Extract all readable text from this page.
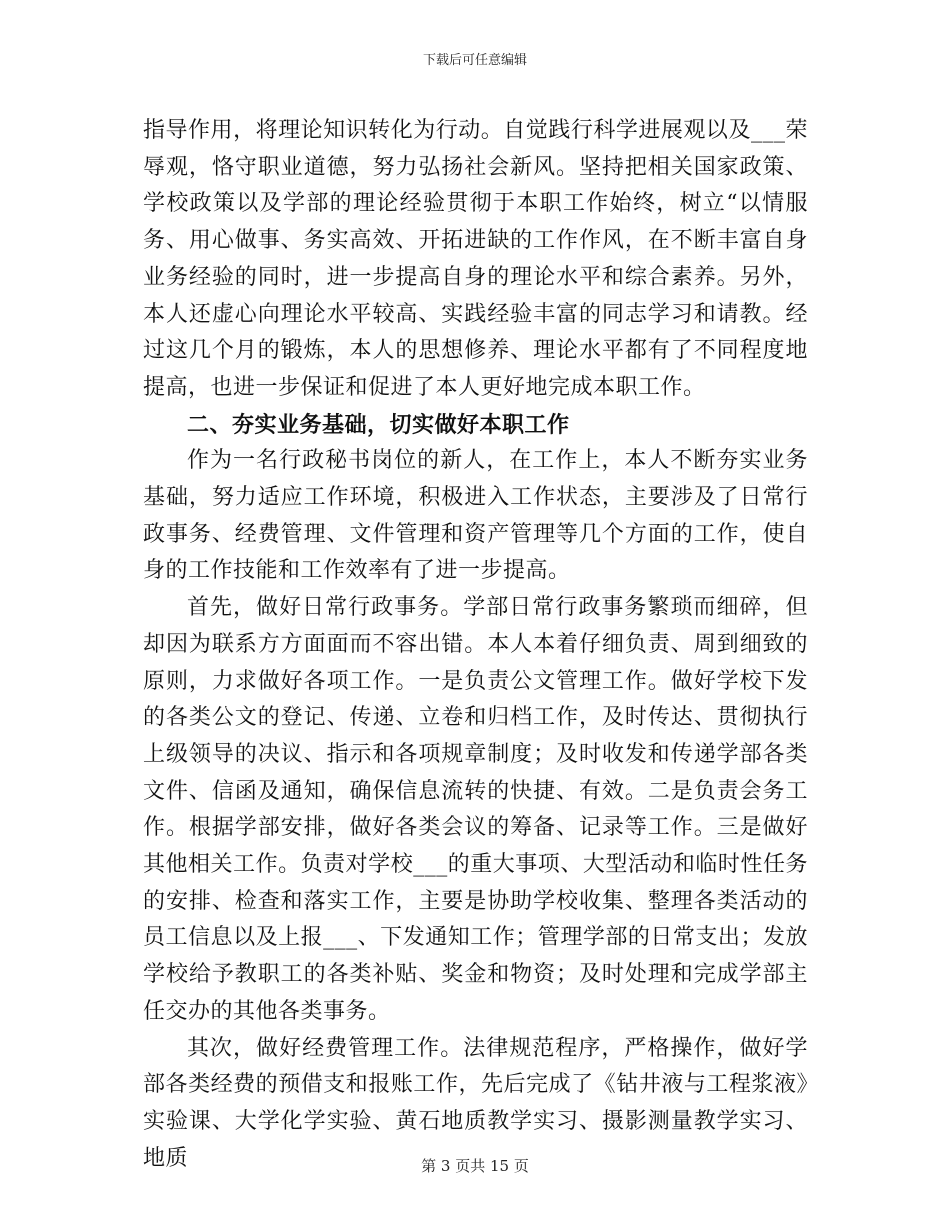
下载后可任意编辑

指导作用，将理论知识转化为行动。自觉践行科学进展观以及___荣辱观，恪守职业道德，努力弘扬社会新风。坚持把相关国家政策、学校政策以及学部的理论经验贯彻于本职工作始终，树立“以情服务、用心做事、务实高效、开拓进缺的工作作风，在不断丰富自身业务经验的同时，进一步提高自身的理论水平和综合素养。另外，本人还虚心向理论水平较高、实践经验丰富的同志学习和请教。经过这几个月的锻炼，本人的思想修养、理论水平都有了不同程度地提高，也进一步保证和促进了本人更好地完成本职工作。

二、夯实业务基础，切实做好本职工作

作为一名行政秘书岗位的新人，在工作上，本人不断夯实业务基础，努力适应工作环境，积极进入工作状态，主要涉及了日常行政事务、经费管理、文件管理和资产管理等几个方面的工作，使自身的工作技能和工作效率有了进一步提高。

首先，做好日常行政事务。学部日常行政事务繁琐而细碎，但却因为联系方方面面而不容出错。本人本着仔细负责、周到细致的原则，力求做好各项工作。一是负责公文管理工作。做好学校下发的各类公文的登记、传递、立卷和归档工作，及时传达、贯彻执行上级领导的决议、指示和各项规章制度；及时收发和传递学部各类文件、信函及通知，确保信息流转的快捷、有效。二是负责会务工作。根据学部安排，做好各类会议的筹备、记录等工作。三是做好其他相关工作。负责对学校___的重大事项、大型活动和临时性任务的安排、检查和落实工作，主要是协助学校收集、整理各类活动的员工信息以及上报___、下发通知工作；管理学部的日常支出；发放学校给予教职工的各类补贴、奖金和物资；及时处理和完成学部主任交办的其他各类事务。

其次，做好经费管理工作。法律规范程序，严格操作，做好学部各类经费的预借支和报账工作，先后完成了《钻井液与工程浆液》实验课、大学化学实验、黄石地质教学实习、摄影测量教学实习、地质	第 3 页共 15 页
